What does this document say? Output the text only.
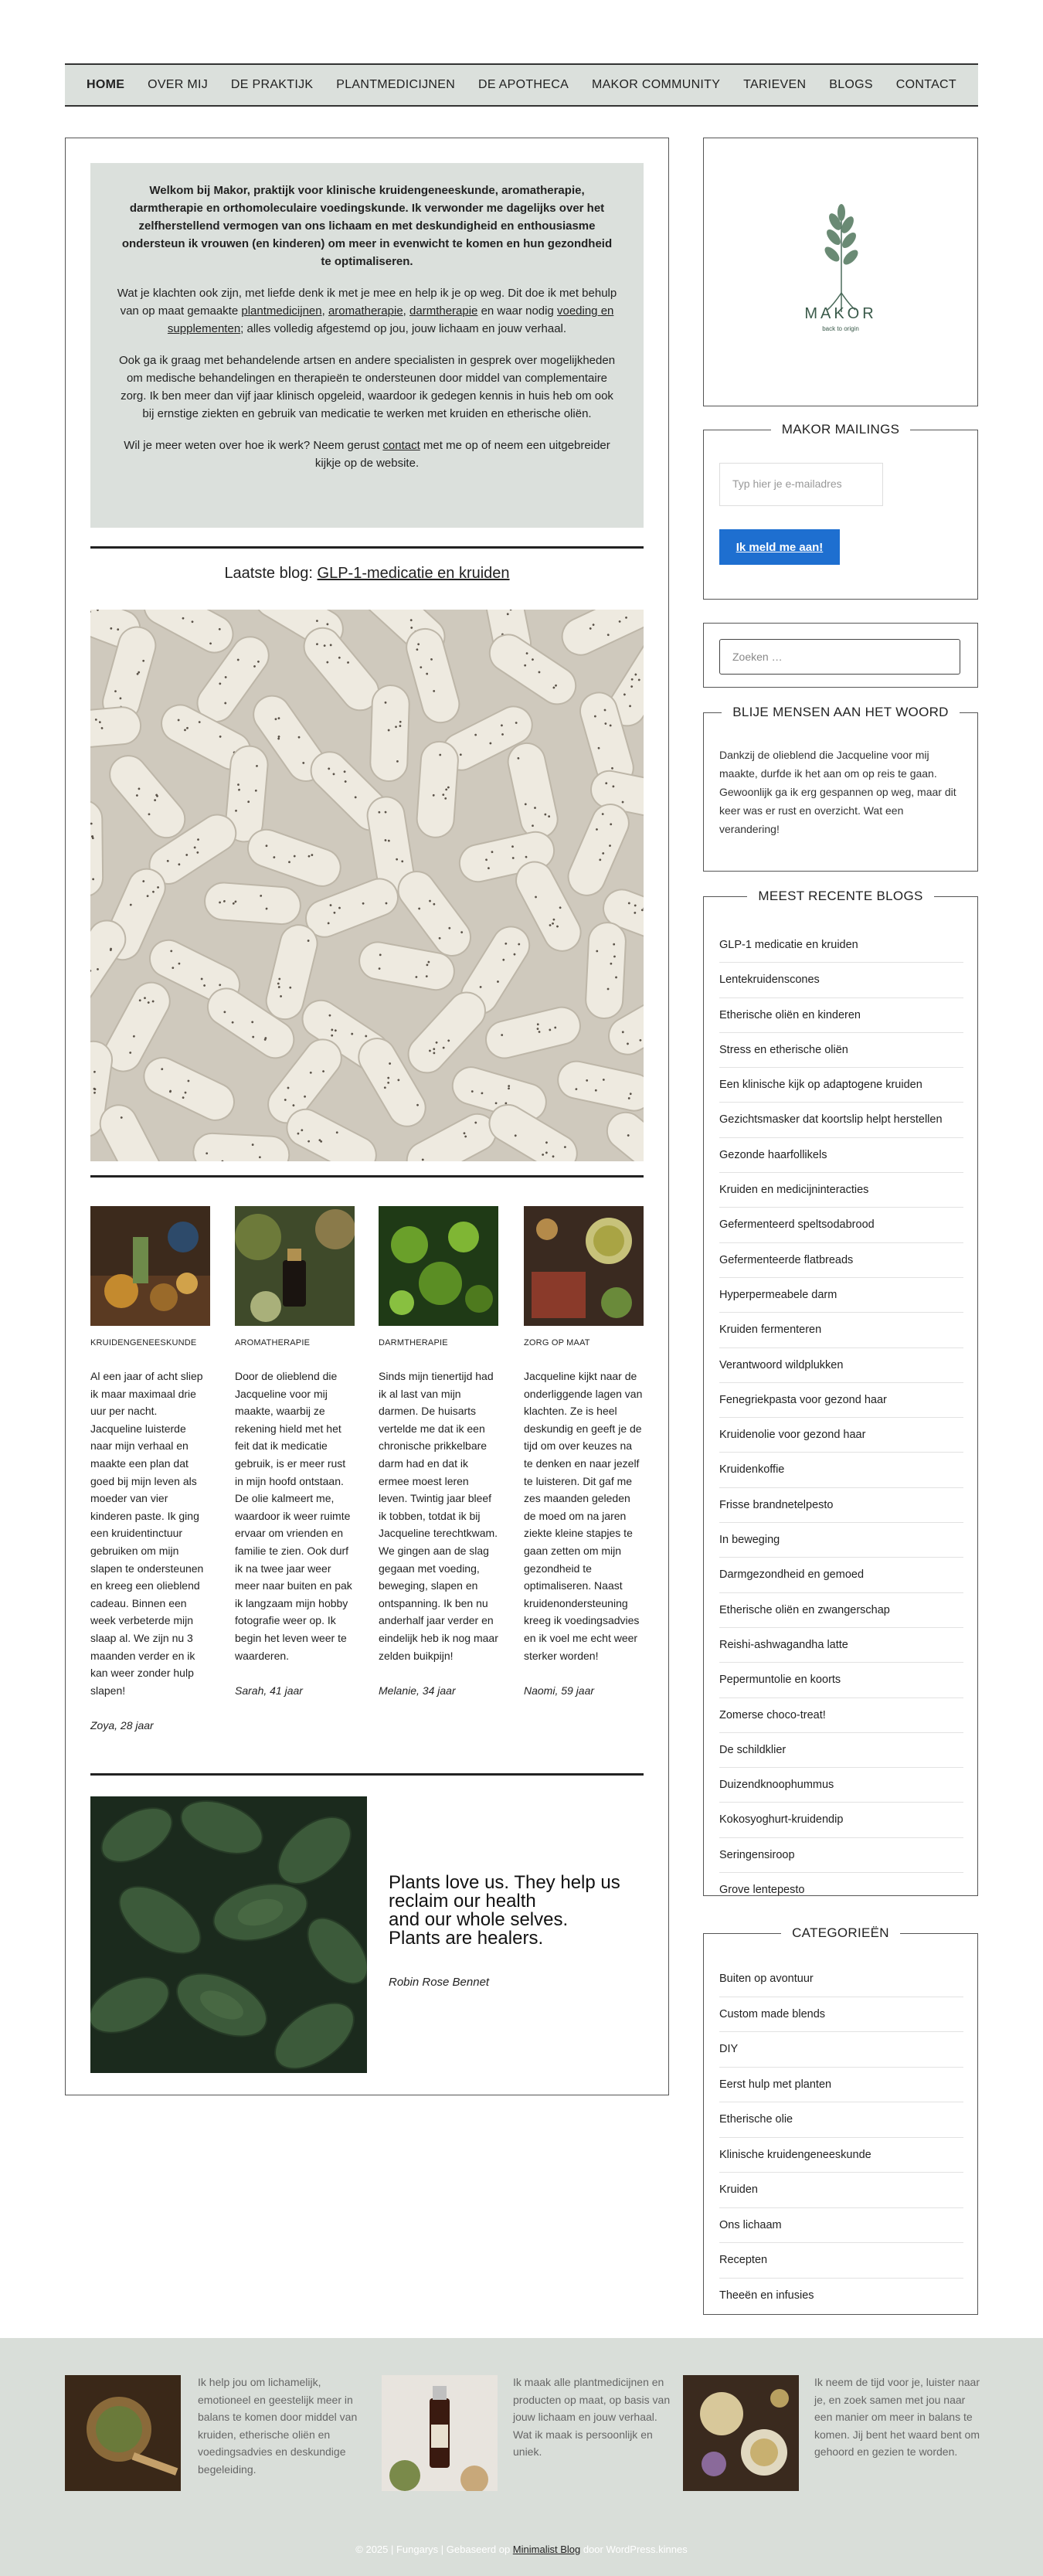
HOME OVER MIJ DE PRAKTIJK PLANTMEDICIJNEN DE APOTHECA MAKOR COMMUNITY TARIEVEN BLOGS CONTACT

Welkom bij Makor, praktijk voor klinische kruidengeneeskunde, aromatherapie, darmtherapie en orthomoleculaire voedingskunde. Ik verwonder me dagelijks over het zelfherstellend vermogen van ons lichaam en met deskundigheid en enthousiasme ondersteun ik vrouwen (en kinderen) om meer in evenwicht te komen en hun gezondheid te optimaliseren.

Wat je klachten ook zijn, met liefde denk ik met je mee en help ik je op weg. Dit doe ik met behulp van op maat gemaakte plantmedicijnen, aromatherapie, darmtherapie en waar nodig voeding en supplementen; alles volledig afgestemd op jou, jouw lichaam en jouw verhaal.

Ook ga ik graag met behandelende artsen en andere specialisten in gesprek over mogelijkheden om medische behandelingen en therapieën te ondersteunen door middel van complementaire zorg. Ik ben meer dan vijf jaar klinisch opgeleid, waardoor ik gedegen kennis in huis heb om ook bij ernstige ziekten en gebruik van medicatie te werken met kruiden en etherische oliën.

Wil je meer weten over hoe ik werk? Neem gerust contact met me op of neem een uitgebreider kijkje op de website.

Laatste blog: GLP-1-medicatie en kruiden
KRUIDENGENEESKUNDE
Al een jaar of acht sliep ik maar maximaal drie uur per nacht. Jacqueline luisterde naar mijn verhaal en maakte een plan dat goed bij mijn leven als moeder van vier kinderen paste. Ik ging een kruidentinctuur gebruiken om mijn slapen te ondersteunen en kreeg een olieblend cadeau. Binnen een week verbeterde mijn slaap al. We zijn nu 3 maanden verder en ik kan weer zonder hulp slapen!
Zoya, 28 jaar
AROMATHERAPIE
Door de olieblend die Jacqueline voor mij maakte, waarbij ze rekening hield met het feit dat ik medicatie gebruik, is er meer rust in mijn hoofd ontstaan. De olie kalmeert me, waardoor ik weer ruimte ervaar om vrienden en familie te zien. Ook durf ik na twee jaar weer meer naar buiten en pak ik langzaam mijn hobby fotografie weer op. Ik begin het leven weer te waarderen.
Sarah, 41 jaar
DARMTHERAPIE
Sinds mijn tienertijd had ik al last van mijn darmen. De huisarts vertelde me dat ik een chronische prikkelbare darm had en dat ik ermee moest leren leven. Twintig jaar bleef ik tobben, totdat ik bij Jacqueline terechtkwam. We gingen aan de slag gegaan met voeding, beweging, slapen en ontspanning. Ik ben nu anderhalf jaar verder en eindelijk heb ik nog maar zelden buikpijn!
Melanie, 34 jaar
ZORG OP MAAT
Jacqueline kijkt naar de onderliggende lagen van klachten. Ze is heel deskundig en geeft je de tijd om over keuzes na te denken en naar jezelf te luisteren. Dit gaf me zes maanden geleden de moed om na jaren ziekte kleine stapjes te gaan zetten om mijn gezondheid te optimaliseren. Naast kruidenondersteuning kreeg ik voedingsadvies en ik voel me echt weer sterker worden!
Naomi, 59 jaar
Plants love us. They help us
reclaim our health
and our whole selves.
Plants are healers.
Robin Rose Bennet
MAKOR
back to origin
MAKOR MAILINGS
Typ hier je e-mailadres
Ik meld me aan!
Zoeken …
BLIJE MENSEN AAN HET WOORD

Dankzij de olieblend die Jacqueline voor mij maakte, durfde ik het aan om op reis te gaan. Gewoonlijk ga ik erg gespannen op weg, maar dit keer was er rust en overzicht. Wat een verandering!

MEEST RECENTE BLOGS
GLP-1 medicatie en kruiden
Lentekruidenscones
Etherische oliën en kinderen
Stress en etherische oliën
Een klinische kijk op adaptogene kruiden
Gezichtsmasker dat koortslip helpt herstellen
Gezonde haarfollikels
Kruiden en medicijninteracties
Gefermenteerd speltsodabrood
Gefermenteerde flatbreads
Hyperpermeabele darm
Kruiden fermenteren
Verantwoord wildplukken
Fenegriekpasta voor gezond haar
Kruidenolie voor gezond haar
Kruidenkoffie
Frisse brandnetelpesto
In beweging
Darmgezondheid en gemoed
Etherische oliën en zwangerschap
Reishi-ashwagandha latte
Pepermuntolie en koorts
Zomerse choco-treat!
De schildklier
Duizendknoophummus
Kokosyoghurt-kruidendip
Seringensiroop
Grove lentepesto
CATEGORIEËN
Buiten op avontuur
Custom made blends
DIY
Eerst hulp met planten
Etherische olie
Klinische kruidengeneeskunde
Kruiden
Ons lichaam
Recepten
Theeën en infusies
Ik help jou om lichamelijk, emotioneel en geestelijk meer in balans te komen door middel van kruiden, etherische oliën en voedingsadvies en deskundige begeleiding.
Ik maak alle plantmedicijnen en producten op maat, op basis van jouw lichaam en jouw verhaal.
Wat ik maak is persoonlijk en uniek.
Ik neem de tijd voor je, luister naar je, en zoek samen met jou naar een manier om meer in balans te komen. Jij bent het waard bent om gehoord en gezien te worden.
© 2025 | Fungarys | Gebaseerd op Minimalist Blog door WordPress.kinnes
